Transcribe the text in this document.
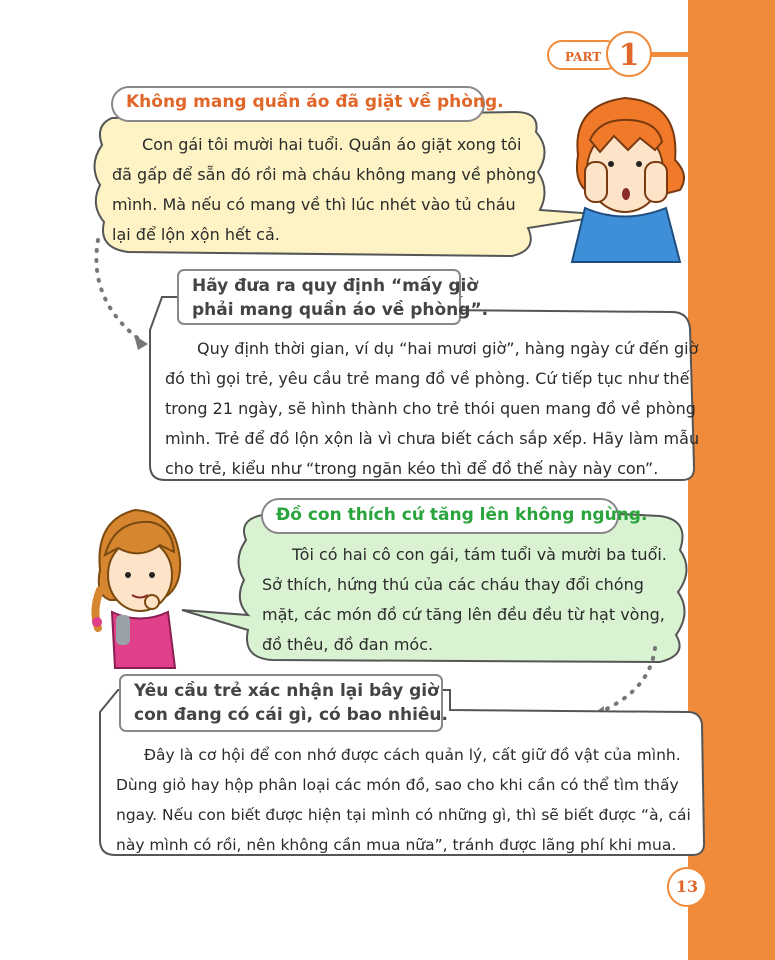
PART 1
Không mang quần áo đã giặt về phòng.
Con gái tôi mười hai tuổi. Quần áo giặt xong tôi
đã gấp để sẵn đó rồi mà cháu không mang về phòng
mình. Mà nếu có mang về thì lúc nhét vào tủ cháu
lại để lộn xộn hết cả.
Hãy đưa ra quy định “mấy giờ
phải mang quần áo về phòng”.
Quy định thời gian, ví dụ “hai mươi giờ”, hàng ngày cứ đến giờ
đó thì gọi trẻ, yêu cầu trẻ mang đồ về phòng. Cứ tiếp tục như thế
trong 21 ngày, sẽ hình thành cho trẻ thói quen mang đồ về phòng
mình. Trẻ để đồ lộn xộn là vì chưa biết cách sắp xếp. Hãy làm mẫu
cho trẻ, kiểu như “trong ngăn kéo thì để đồ thế này này con”.
Đồ con thích cứ tăng lên không ngừng.
Tôi có hai cô con gái, tám tuổi và mười ba tuổi.
Sở thích, hứng thú của các cháu thay đổi chóng
mặt, các món đồ cứ tăng lên đều đều từ hạt vòng,
đồ thêu, đồ đan móc.
Yêu cầu trẻ xác nhận lại bây giờ
con đang có cái gì, có bao nhiêu.
Đây là cơ hội để con nhớ được cách quản lý, cất giữ đồ vật của mình.
Dùng giỏ hay hộp phân loại các món đồ, sao cho khi cần có thể tìm thấy
ngay. Nếu con biết được hiện tại mình có những gì, thì sẽ biết được “à, cái
này mình có rồi, nên không cần mua nữa”, tránh được lãng phí khi mua.
13
